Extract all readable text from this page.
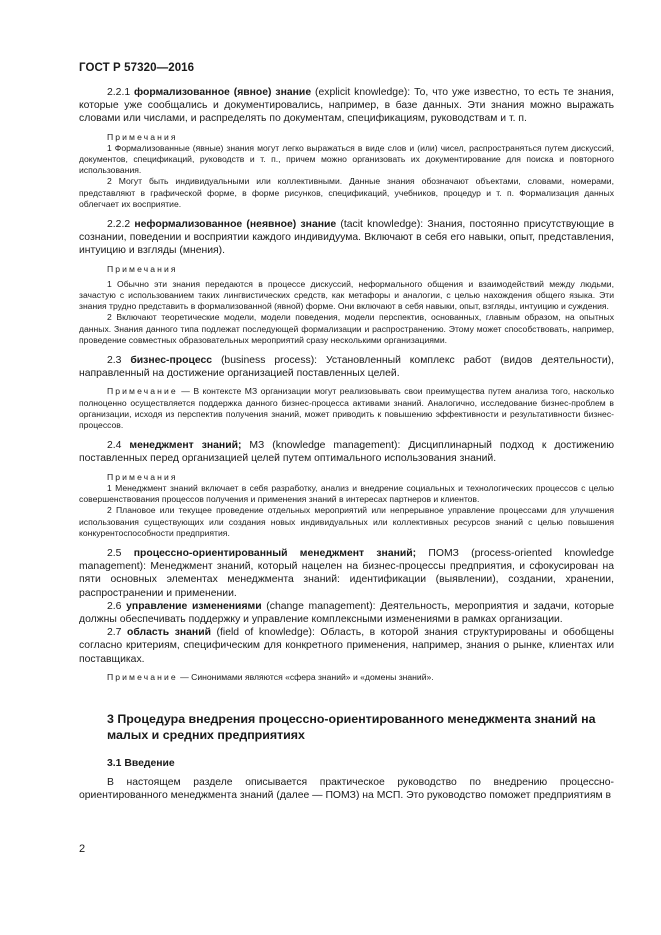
ГОСТ Р 57320—2016

2.2.1 формализованное (явное) знание (explicit knowledge): То, что уже известно, то есть те знания, которые уже сообщались и документировались, например, в базе данных. Эти знания можно выражать словами или числами, и распределять по документам, спецификациям, руководствам и т. п.

Примечания

1 Формализованные (явные) знания могут легко выражаться в виде слов и (или) чисел, распространяться путем дискуссий, документов, спецификаций, руководств и т. п., причем можно организовать их документирование для поиска и повторного использования.

2 Могут быть индивидуальными или коллективными. Данные знания обозначают объектами, словами, номерами, представляют в графической форме, в форме рисунков, спецификаций, учебников, процедур и т. п. Формализация данных облегчает их восприятие.

2.2.2 неформализованное (неявное) знание (tacit knowledge): Знания, постоянно присутствующие в сознании, поведении и восприятии каждого индивидуума. Включают в себя его навыки, опыт, представления, интуицию и взгляды (мнения).

Примечания

1 Обычно эти знания передаются в процессе дискуссий, неформального общения и взаимодействий между людьми, зачастую с использованием таких лингвистических средств, как метафоры и аналогии, с целью нахождения общего языка. Эти знания трудно представить в формализованной (явной) форме. Они включают в себя навыки, опыт, взгляды, интуицию и суждения.

2 Включают теоретические модели, модели поведения, модели перспектив, основанных, главным образом, на опытных данных. Знания данного типа подлежат последующей формализации и распространению. Этому может способствовать, например, проведение совместных образовательных мероприятий сразу несколькими организациями.

2.3 бизнес-процесс (business process): Установленный комплекс работ (видов деятельности), направленный на достижение организацией поставленных целей.

Примечание — В контексте МЗ организации могут реализовывать свои преимущества путем анализа того, насколько полноценно осуществляется поддержка данного бизнес-процесса активами знаний. Аналогично, исследование бизнес-проблем в организации, исходя из перспектив получения знаний, может приводить к повышению эффективности и результативности бизнес-процессов.

2.4 менеджмент знаний; МЗ (knowledge management): Дисциплинарный подход к достижению поставленных перед организацией целей путем оптимального использования знаний.

Примечания

1 Менеджмент знаний включает в себя разработку, анализ и внедрение социальных и технологических процессов с целью совершенствования процессов получения и применения знаний в интересах партнеров и клиентов.

2 Плановое или текущее проведение отдельных мероприятий или непрерывное управление процессами для улучшения использования существующих или создания новых индивидуальных или коллективных ресурсов знаний с целью повышения конкурентоспособности предприятия.

2.5 процессно-ориентированный менеджмент знаний; ПОМЗ (process-oriented knowledge management): Менеджмент знаний, который нацелен на бизнес-процессы предприятия, и сфокусирован на пяти основных элементах менеджмента знаний: идентификации (выявлении), создании, хранении, распространении и применении.

2.6 управление изменениями (change management): Деятельность, мероприятия и задачи, которые должны обеспечивать поддержку и управление комплексными изменениями в рамках организации.

2.7 область знаний (field of knowledge): Область, в которой знания структурированы и обобщены согласно критериям, специфическим для конкретного применения, например, знания о рынке, клиентах или поставщиках.

Примечание — Синонимами являются «сфера знаний» и «домены знаний».

3 Процедура внедрения процессно-ориентированного менеджмента знаний на малых и средних предприятиях

3.1 Введение

В настоящем разделе описывается практическое руководство по внедрению процессно-ориентированного менеджмента знаний (далее — ПОМЗ) на МСП. Это руководство поможет предприятиям в

2
